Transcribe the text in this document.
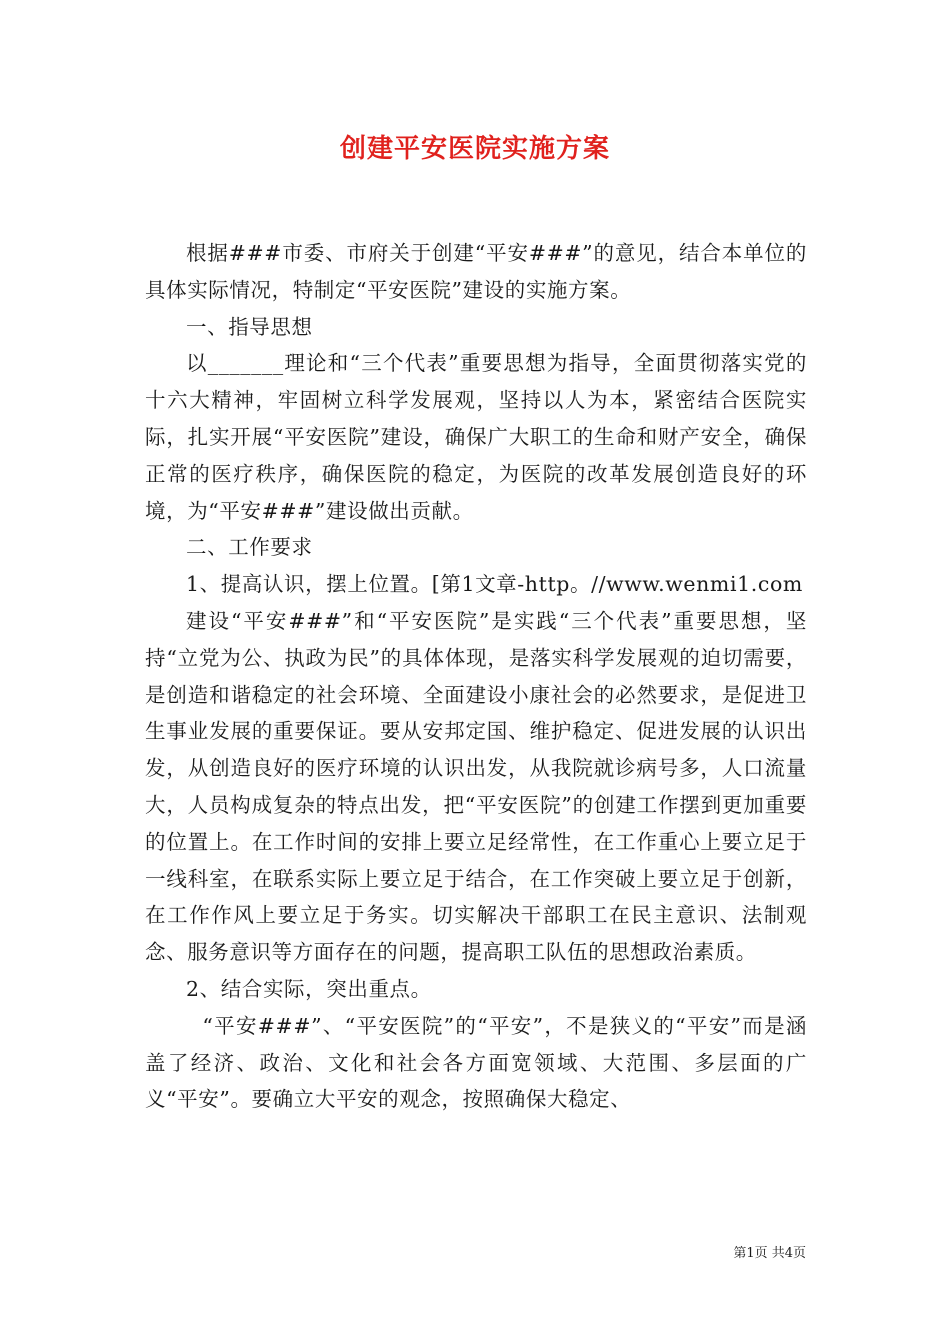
创建平安医院实施方案

根据###市委、市府关于创建“平安###”的意见，结合本单位的具体实际情况，特制定“平安医院”建设的实施方案。

一、指导思想

以_______理论和“三个代表”重要思想为指导，全面贯彻落实党的十六大精神，牢固树立科学发展观，坚持以人为本，紧密结合医院实际，扎实开展“平安医院”建设，确保广大职工的生命和财产安全，确保正常的医疗秩序，确保医院的稳定，为医院的改革发展创造良好的环境，为“平安###”建设做出贡献。

二、工作要求

1、提高认识，摆上位置。[第1文章-http。//www.wenmi1.com

建设“平安###”和“平安医院”是实践“三个代表”重要思想，坚持“立党为公、执政为民”的具体体现，是落实科学发展观的迫切需要，是创造和谐稳定的社会环境、全面建设小康社会的必然要求，是促进卫生事业发展的重要保证。要从安邦定国、维护稳定、促进发展的认识出发，从创造良好的医疗环境的认识出发，从我院就诊病号多，人口流量大，人员构成复杂的特点出发，把“平安医院”的创建工作摆到更加重要的位置上。在工作时间的安排上要立足经常性，在工作重心上要立足于一线科室，在联系实际上要立足于结合，在工作突破上要立足于创新，在工作作风上要立足于务实。切实解决干部职工在民主意识、法制观念、服务意识等方面存在的问题，提高职工队伍的思想政治素质。

2、结合实际，突出重点。

“平安###”、“平安医院”的“平安”，不是狭义的“平安”而是涵盖了经济、政治、文化和社会各方面宽领域、大范围、多层面的广义“平安”。要确立大平安的观念，按照确保大稳定、

第1页 共4页
